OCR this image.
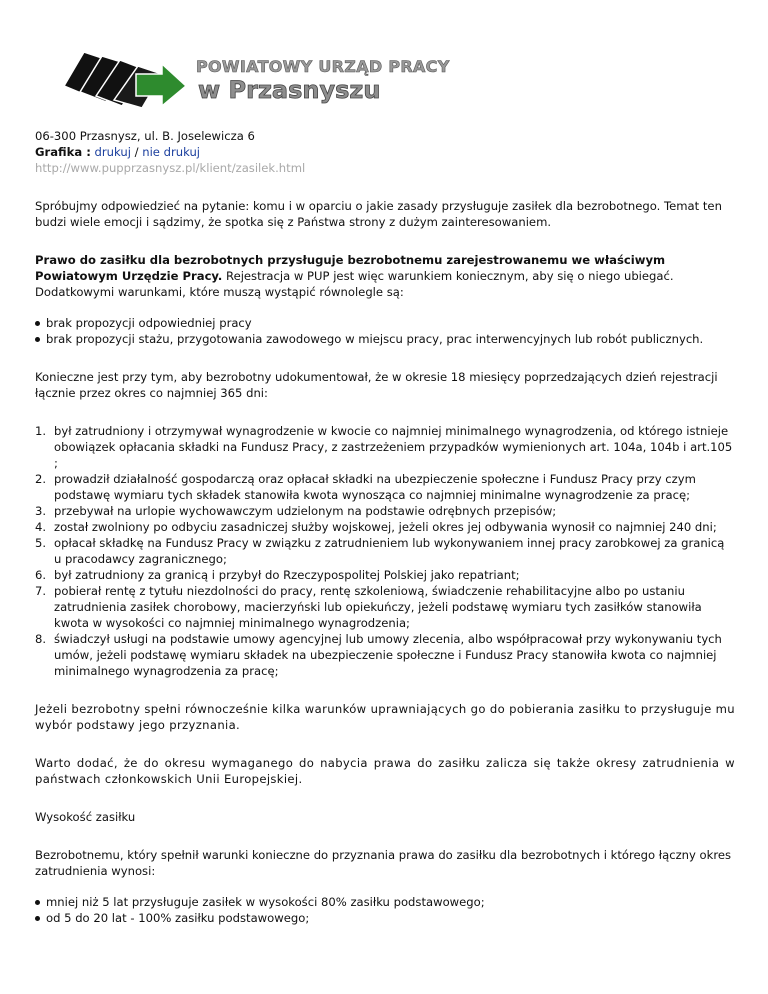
POWIATOWY URZĄD PRACY
w Przasnyszu

06-300 Przasnysz, ul. B. Joselewicza 6

Grafika : drukuj / nie drukuj

http://www.pupprzasnysz.pl/klient/zasilek.html

Spróbujmy odpowiedzieć na pytanie: komu i w oparciu o jakie zasady przysługuje zasiłek dla bezrobotnego. Temat ten budzi wiele emocji i sądzimy, że spotka się z Państwa strony z dużym zainteresowaniem.

Prawo do zasiłku dla bezrobotnych przysługuje bezrobotnemu zarejestrowanemu we właściwym Powiatowym Urzędzie Pracy. Rejestracja w PUP jest więc warunkiem koniecznym, aby się o niego ubiegać. Dodatkowymi warunkami, które muszą wystąpić równolegle są:

brak propozycji odpowiedniej pracy
brak propozycji stażu, przygotowania zawodowego w miejscu pracy, prac interwencyjnych lub robót publicznych.

Konieczne jest przy tym, aby bezrobotny udokumentował, że w okresie 18 miesięcy poprzedzających dzień rejestracji łącznie przez okres co najmniej 365 dni:

był zatrudniony i otrzymywał wynagrodzenie w kwocie co najmniej minimalnego wynagrodzenia, od którego istnieje obowiązek opłacania składki na Fundusz Pracy, z zastrzeżeniem przypadków wymienionych art. 104a, 104b i art.105 ;
prowadził działalność gospodarczą oraz opłacał składki na ubezpieczenie społeczne i Fundusz Pracy przy czym podstawę wymiaru tych składek stanowiła kwota wynosząca co najmniej minimalne wynagrodzenie za pracę;
przebywał na urlopie wychowawczym udzielonym na podstawie odrębnych przepisów;
został zwolniony po odbyciu zasadniczej służby wojskowej, jeżeli okres jej odbywania wynosił co najmniej 240 dni;
opłacał składkę na Fundusz Pracy w związku z zatrudnieniem lub wykonywaniem innej pracy zarobkowej za granicą u pracodawcy zagranicznego;
był zatrudniony za granicą i przybył do Rzeczypospolitej Polskiej jako repatriant;
pobierał rentę z tytułu niezdolności do pracy, rentę szkoleniową, świadczenie rehabilitacyjne albo po ustaniu zatrudnienia zasiłek chorobowy, macierzyński lub opiekuńczy, jeżeli podstawę wymiaru tych zasiłków stanowiła kwota w wysokości co najmniej minimalnego wynagrodzenia;
świadczył usługi na podstawie umowy agencyjnej lub umowy zlecenia, albo współpracował przy wykonywaniu tych umów, jeżeli podstawę wymiaru składek na ubezpieczenie społeczne i Fundusz Pracy stanowiła kwota co najmniej minimalnego wynagrodzenia za pracę;

Jeżeli bezrobotny spełni równocześnie kilka warunków uprawniających go do pobierania zasiłku to przysługuje mu wybór podstawy jego przyznania.

Warto dodać, że do okresu wymaganego do nabycia prawa do zasiłku zalicza się także okresy zatrudnienia w państwach członkowskich Unii Europejskiej.

Wysokość zasiłku

Bezrobotnemu, który spełnił warunki konieczne do przyznania prawa do zasiłku dla bezrobotnych i którego łączny okres zatrudnienia wynosi:

mniej niż 5 lat przysługuje zasiłek w wysokości 80% zasiłku podstawowego;
od 5 do 20 lat - 100% zasiłku podstawowego;
